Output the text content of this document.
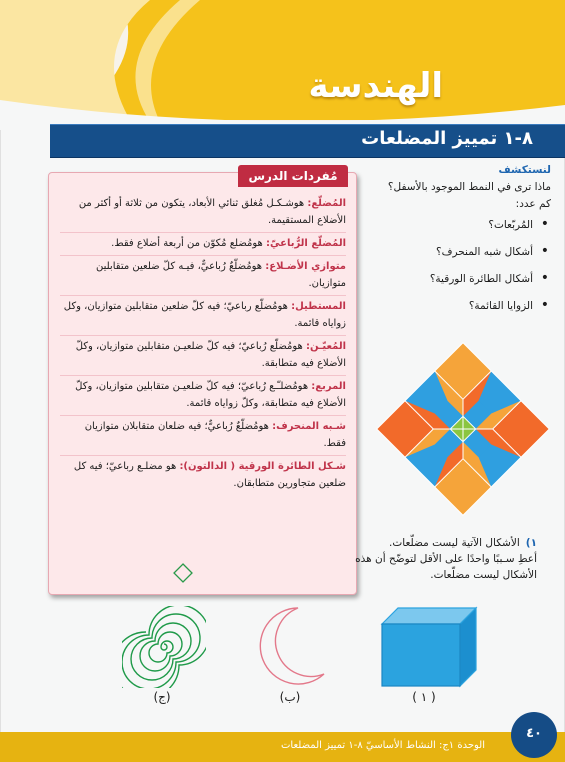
الهندسة
٨-١ تمييز المضلعات
مُفردات الدرس
المُضلّع: هوشـكـل مُغلق ثنائي الأبعاد، يتكون من ثلاثة أو أكثر من الأضلاع المستقيمة.
المُضلّع الرُّباعيّ: هومُضلع مُكوّن من أربعة أضلاع فقط.
متوازي الأضـلاع: هومُضلّعٌ رُباعيٌّ، فيـه كلّ ضلعين متقابلين متوازيان.
المستطيل: هومُضلّع رباعيّ؛ فيه كلّ ضلعين متقابلين متوازيان، وكل زواياه قائمة.
المُعيّـن: هومُضلّع رُباعيّ؛ فيه كلّ ضلعيـن متقابلين متوازيان، وكلّ الأضلاع فيه متطابقة.
المربع: هومُضلـّـع رُباعيّ؛ فيه كلّ ضلعيـن متقابلين متوازيان، وكلّ الأضلاع فيه متطابقة، وكلّ زواياه قائمة.
شـبه المنحرف: هومُضلّعٌ رُباعيٌّ؛ فيه ضلعان متقابلان متوازيان فقط.
شـكل الطائرة الورقية ( الدالتون): هو مضلـع رباعيّ؛ فيه كل ضلعين متجاورين متطابقان.
لنستكشف
ماذا ترى في النمط الموجود بالأسفل؟
كم عدد:
• المُربّعات؟
• أشكال شبه المنحرف؟
• أشكال الطائرة الورقية؟
• الزوايا القائمة؟
١)الأشكال الآتية ليست مضلّعات.
أعطِ سـببًا واحدًا على الأقل لتوضّح أن هذه الأشكال ليست مضلّعات.
( ١ )
(ب)
(ج)
الوحدة ١ج: النشاط الأساسيّ ٨-١ تمييز المضلعات
٤٠
